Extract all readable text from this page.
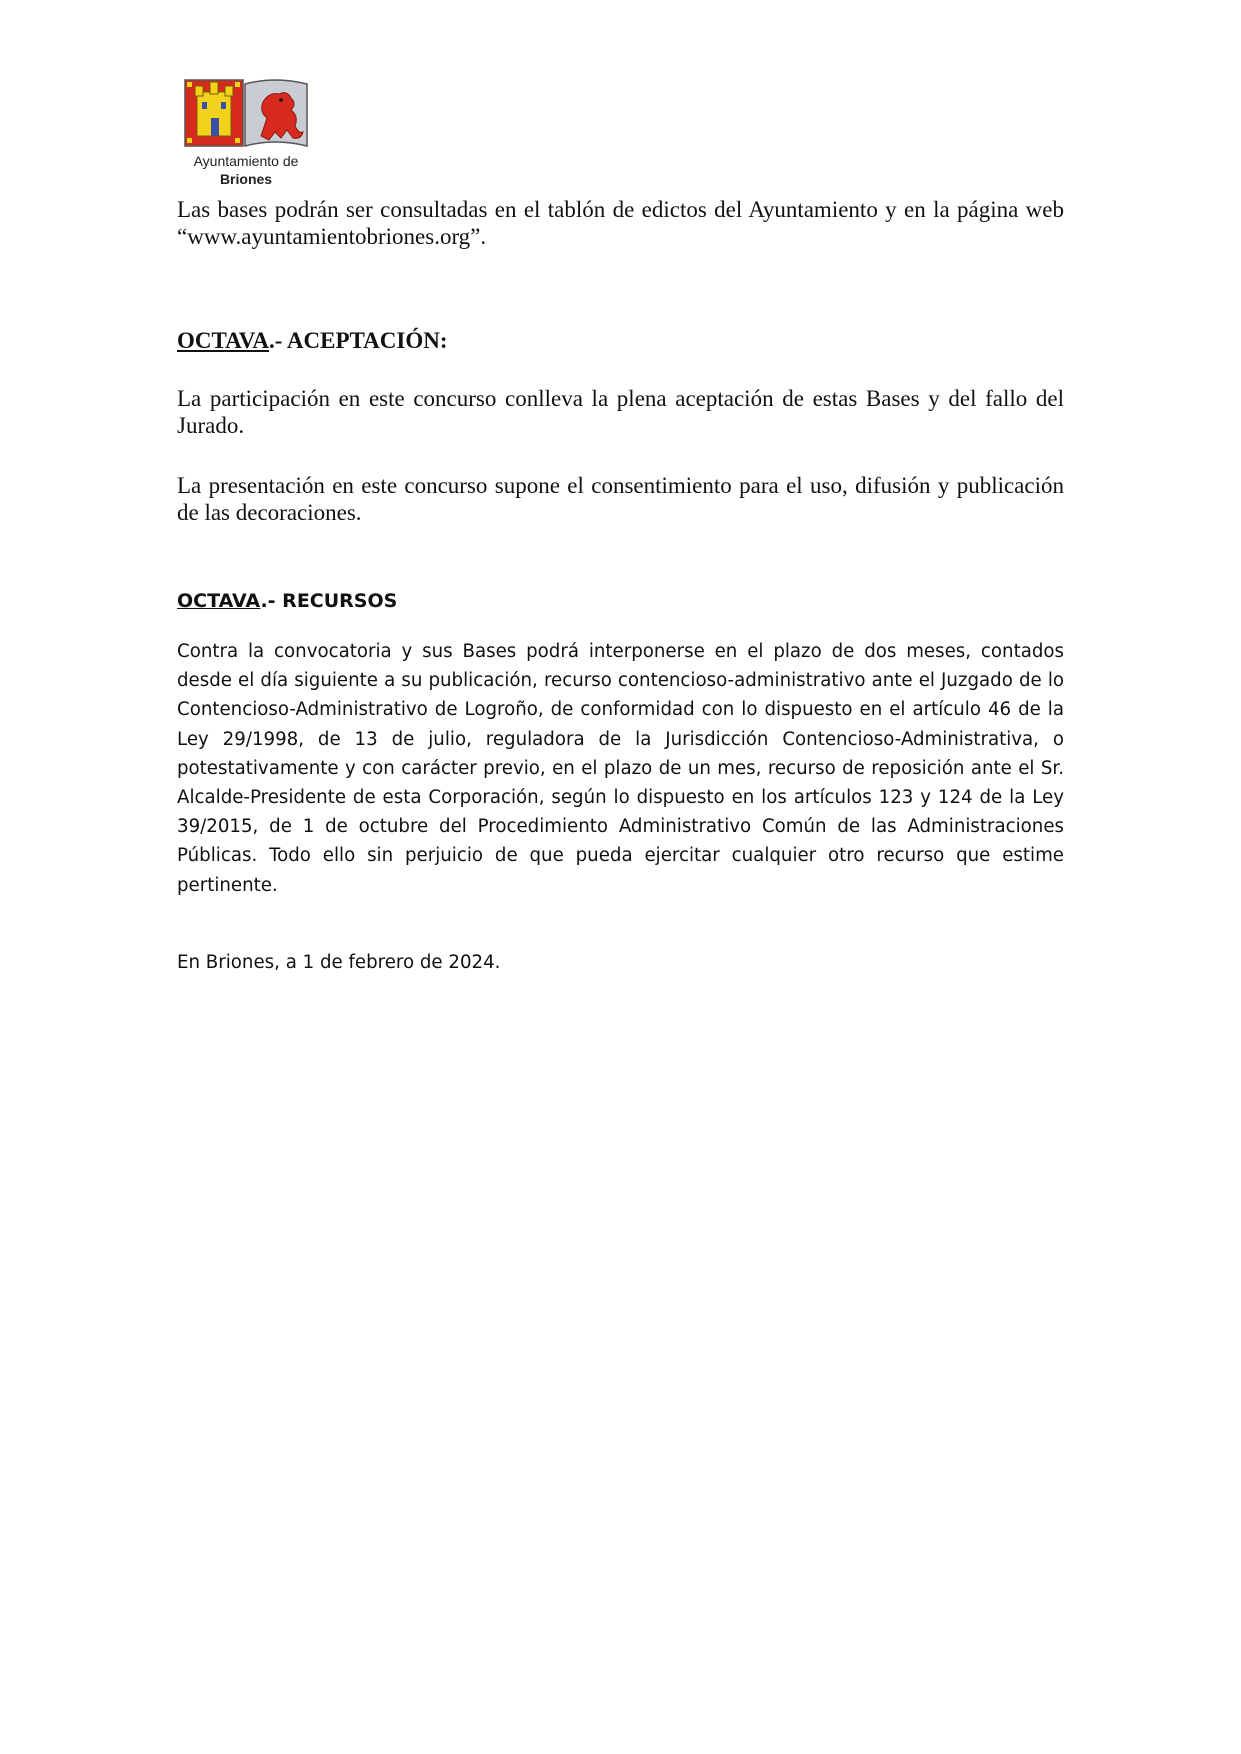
Ayuntamiento de
Briones

Las bases podrán ser consultadas en el tablón de edictos del Ayuntamiento y en la página web “www.ayuntamientobriones.org”.

OCTAVA.- ACEPTACIÓN:

La participación en este concurso conlleva la plena aceptación de estas Bases y del fallo del Jurado.

La presentación en este concurso supone el consentimiento para el uso, difusión y publicación de las decoraciones.

OCTAVA.- RECURSOS

Contra la convocatoria y sus Bases podrá interponerse en el plazo de dos meses, contados desde el día siguiente a su publicación, recurso contencioso-administrativo ante el Juzgado de lo Contencioso-Administrativo de Logroño, de conformidad con lo dispuesto en el artículo 46 de la Ley 29/1998, de 13 de julio, reguladora de la Jurisdicción Contencioso-Administrativa, o potestativamente y con carácter previo, en el plazo de un mes, recurso de reposición ante el Sr. Alcalde-Presidente de esta Corporación, según lo dispuesto en los artículos 123 y 124 de la Ley 39/2015, de 1 de octubre del Procedimiento Administrativo Común de las Administraciones Públicas. Todo ello sin perjuicio de que pueda ejercitar cualquier otro recurso que estime pertinente.

En Briones, a 1 de febrero de 2024.
